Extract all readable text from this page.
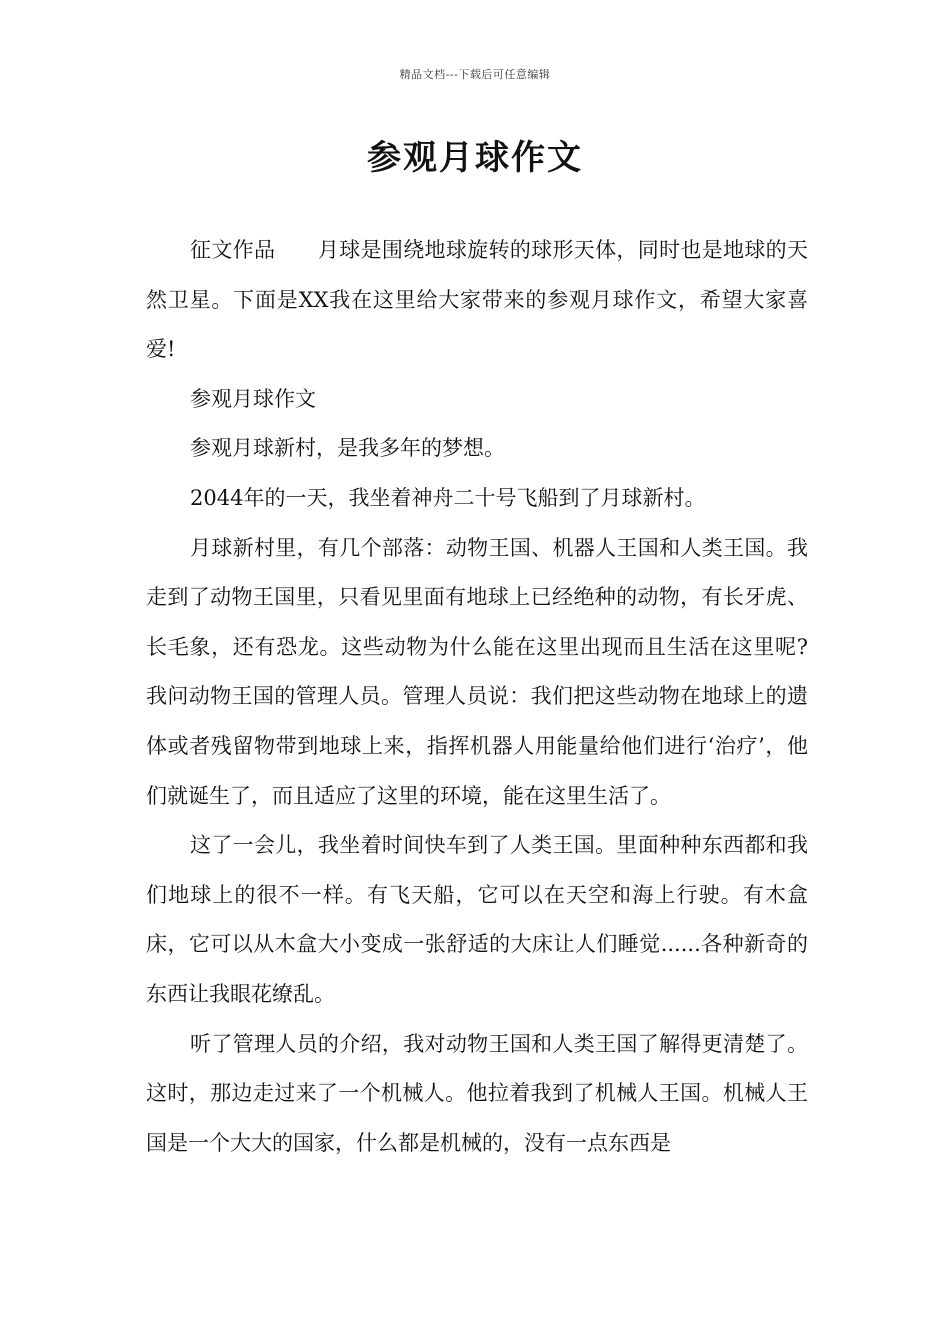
精品文档---下载后可任意编辑
参观月球作文

征文作品　　月球是围绕地球旋转的球形天体，同时也是地球的天然卫星。下面是XX我在这里给大家带来的参观月球作文，希望大家喜爱!

参观月球作文

参观月球新村，是我多年的梦想。

2044年的一天，我坐着神舟二十号飞船到了月球新村。

月球新村里，有几个部落：动物王国、机器人王国和人类王国。我走到了动物王国里，只看见里面有地球上已经绝种的动物，有长牙虎、长毛象，还有恐龙。这些动物为什么能在这里出现而且生活在这里呢?我问动物王国的管理人员。管理人员说：我们把这些动物在地球上的遗体或者残留物带到地球上来，指挥机器人用能量给他们进行‘治疗’，他们就诞生了，而且适应了这里的环境，能在这里生活了。

这了一会儿，我坐着时间快车到了人类王国。里面种种东西都和我们地球上的很不一样。有飞天船，它可以在天空和海上行驶。有木盒床，它可以从木盒大小变成一张舒适的大床让人们睡觉......各种新奇的东西让我眼花缭乱。

听了管理人员的介绍，我对动物王国和人类王国了解得更清楚了。这时，那边走过来了一个机械人。他拉着我到了机械人王国。机械人王国是一个大大的国家，什么都是机械的，没有一点东西是
